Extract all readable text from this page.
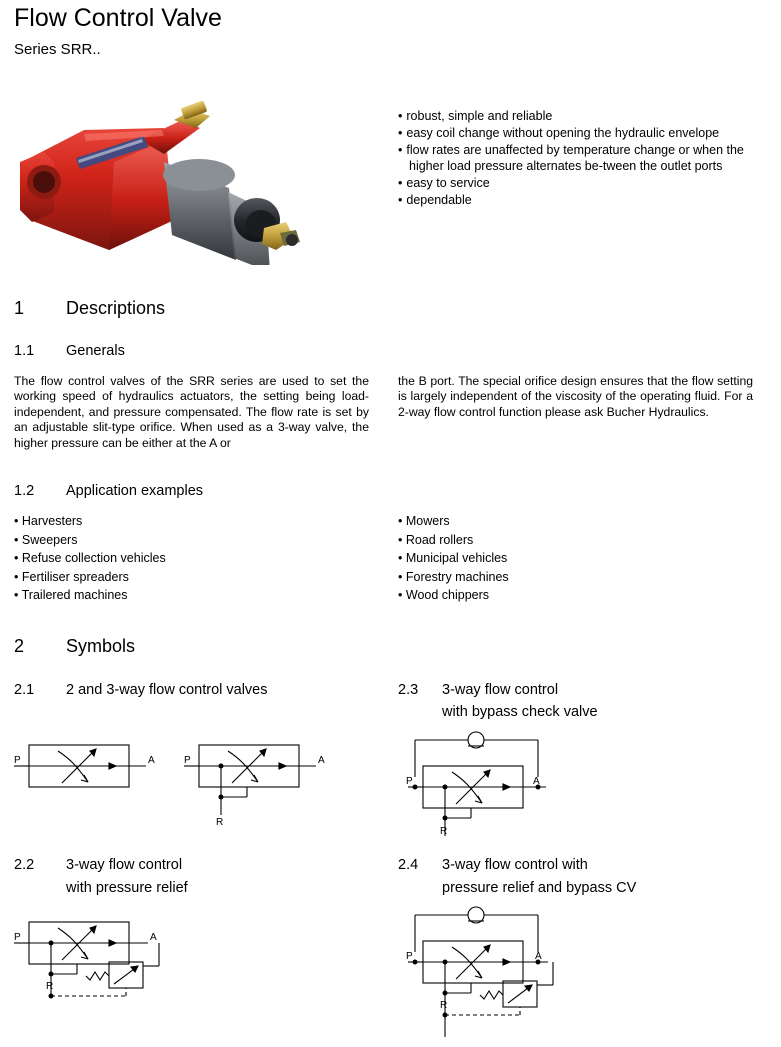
Flow Control Valve
Series SRR..
• robust, simple and reliable
• easy coil change without opening the hydraulic envelope
• flow rates are unaffected by temperature change or when the higher load pressure alternates be-tween the outlet ports
• easy to service
• dependable
1 Descriptions
1.1 Generals
The flow control valves of the SRR series are used to set the working speed of hydraulics actuators, the setting being load-independent, and pressure compensated. The flow rate is set by an adjustable slit-type orifice. When used as a 3-way valve, the higher pressure can be either at the A or
the B port. The special orifice design ensures that the flow setting is largely independent of the viscosity of the operating fluid. For a 2-way flow control function please ask Bucher Hydraulics.
1.2 Application examples
• Harvesters
• Sweepers
• Refuse collection vehicles
• Fertiliser spreaders
• Trailered machines
• Mowers
• Road rollers
• Municipal vehicles
• Forestry machines
• Wood chippers
2 Symbols
2.1 2 and 3-way flow control valves
P	A	P	A
R
2.2 3-way flow control
with pressure relief
P	A
R
2.3 3-way flow control
with bypass check valve
P	A
R
2.4 3-way flow control with
pressure relief and bypass CV
P	A
R
